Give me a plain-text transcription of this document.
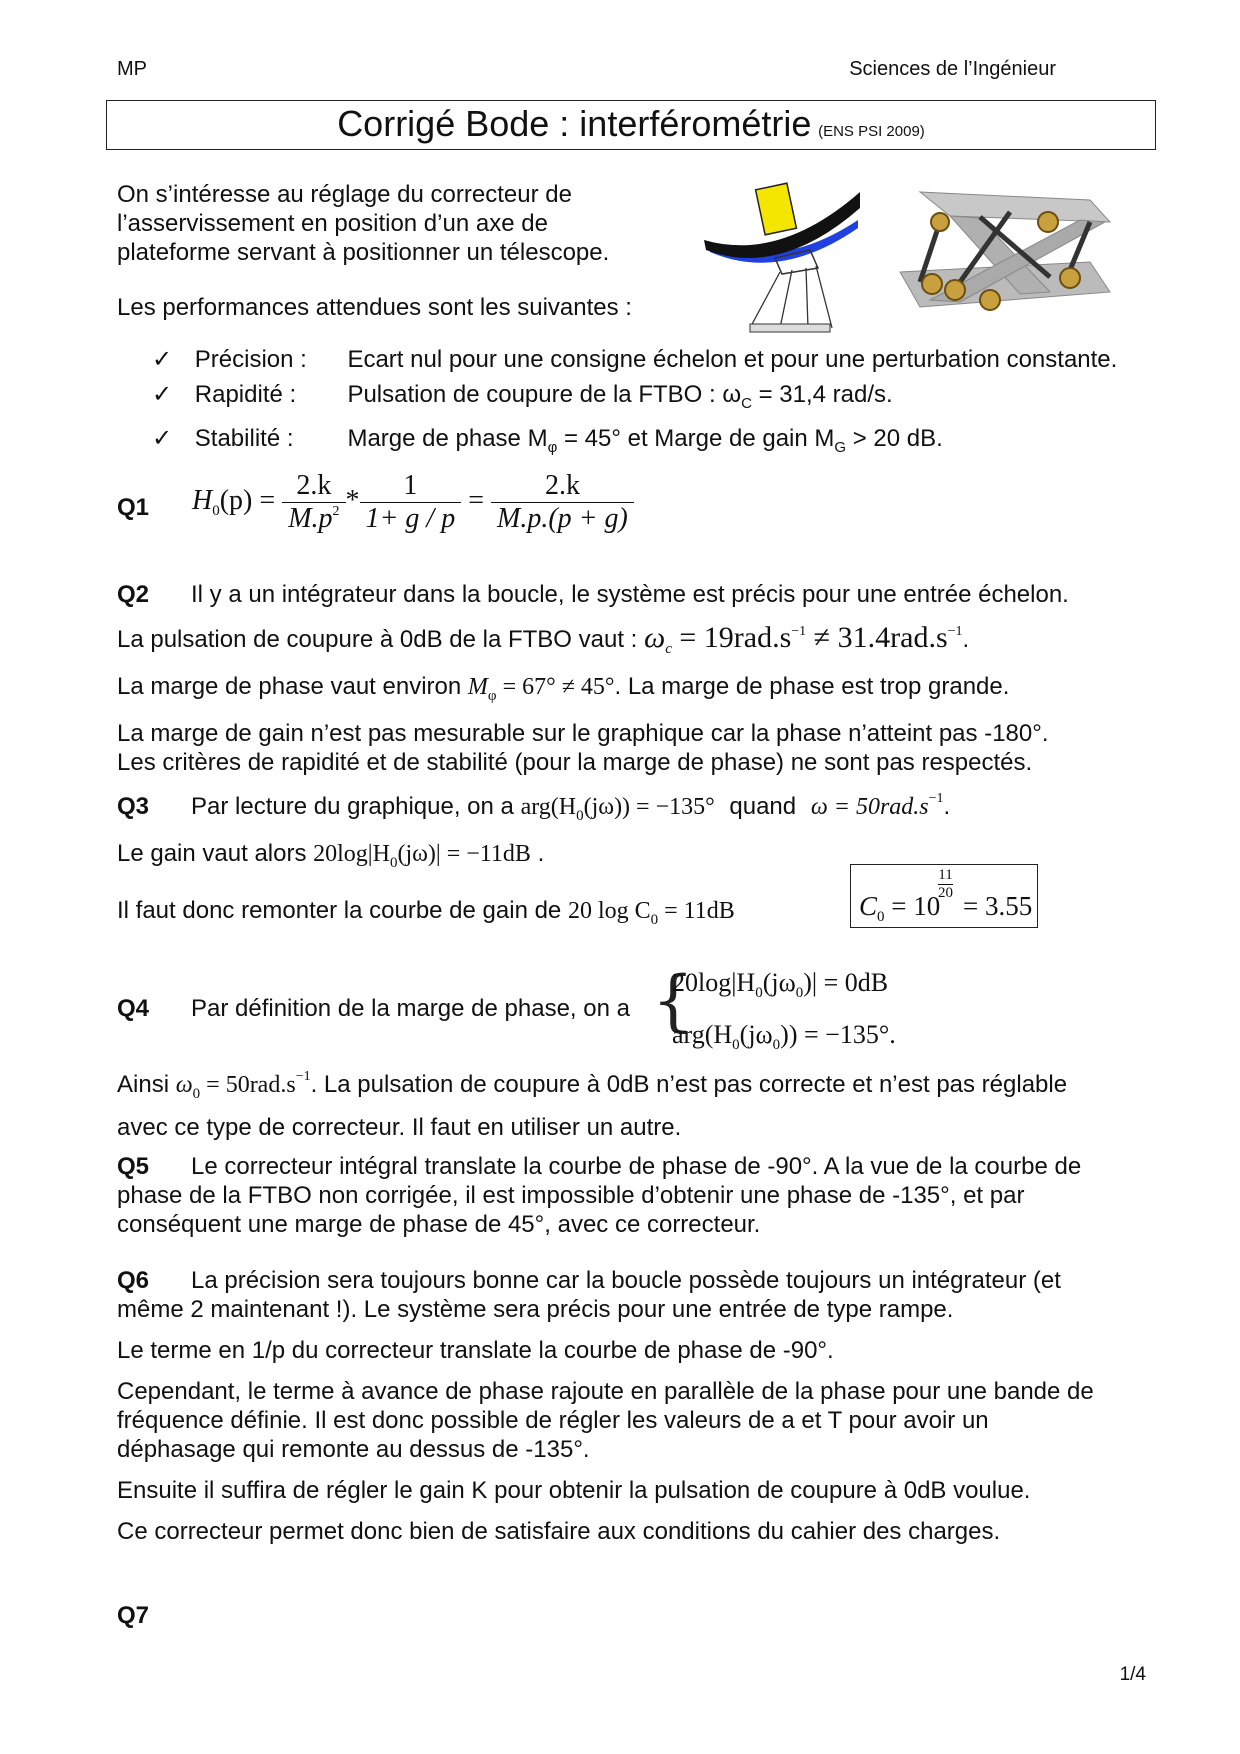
MP	Sciences de l’Ingénieur
Corrigé Bode : interférométrie (ENS PSI 2009)
On s’intéresse au réglage du correcteur de
l’asservissement en position d’un axe de
plateforme servant à positionner un télescope.
Les performances attendues sont les suivantes :
✓ Précision : Ecart nul pour une consigne échelon et pour une perturbation constante.
✓ Rapidité : Pulsation de coupure de la FTBO : $\omega_C = 31,4$ rad/s.
✓ Stabilité : Marge de phase $M_\varphi = 45^\circ$ et Marge de gain $M_G > 20$ dB.
Q1 $H_0(p) = \frac{2.k}{M.p^2} * \frac{1}{1+ g / p} = \frac{2.k}{M.p.(p + g)}$
Q2 Il y a un intégrateur dans la boucle, le système est précis pour une entrée échelon.
La pulsation de coupure à 0dB de la FTBO vaut : $\omega_c = 19rad.s^{-1} \ne 31.4rad.s^{-1}$.
La marge de phase vaut environ $M_\varphi = 67^\circ \ne 45^\circ$. La marge de phase est trop grande.
La marge de gain n’est pas mesurable sur le graphique car la phase n’atteint pas -180°.
Les critères de rapidité et de stabilité (pour la marge de phase) ne sont pas respectés.
Q3 Par lecture du graphique, on a $arg(H_0(j\omega)) = -135^\circ$ quand $\omega = 50rad.s^{-1}$.
Le gain vaut alors $20\log|H_0(j\omega)| = -11dB$ .
Il faut donc remonter la courbe de gain de 20 $\log C_0 = 11dB$	$C_0 = 10$
11
20 = 3.55
Q4 Par définition de la marge de phase, on a {
$20\log|H_0(j\omega_0)| = 0dB$
$arg(H_0(j\omega_0)) = -135^\circ$.
Ainsi $\omega_0 = 50rad.s^{-1}$. La pulsation de coupure à 0dB n’est pas correcte et n’est pas réglable
avec ce type de correcteur. Il faut en utiliser un autre.
Q5 Le correcteur intégral translate la courbe de phase de -90°. A la vue de la courbe de
phase de la FTBO non corrigée, il est impossible d’obtenir une phase de -135°, et par
conséquent une marge de phase de 45°, avec ce correcteur.
Q6 La précision sera toujours bonne car la boucle possède toujours un intégrateur (et
même 2 maintenant !). Le système sera précis pour une entrée de type rampe.
Le terme en 1/p du correcteur translate la courbe de phase de -90°.
Cependant, le terme à avance de phase rajoute en parallèle de la phase pour une bande de
fréquence définie. Il est donc possible de régler les valeurs de a et T pour avoir un
déphasage qui remonte au dessus de -135°.
Ensuite il suffira de régler le gain K pour obtenir la pulsation de coupure à 0dB voulue.
Ce correcteur permet donc bien de satisfaire aux conditions du cahier des charges.
Q7
1/4
